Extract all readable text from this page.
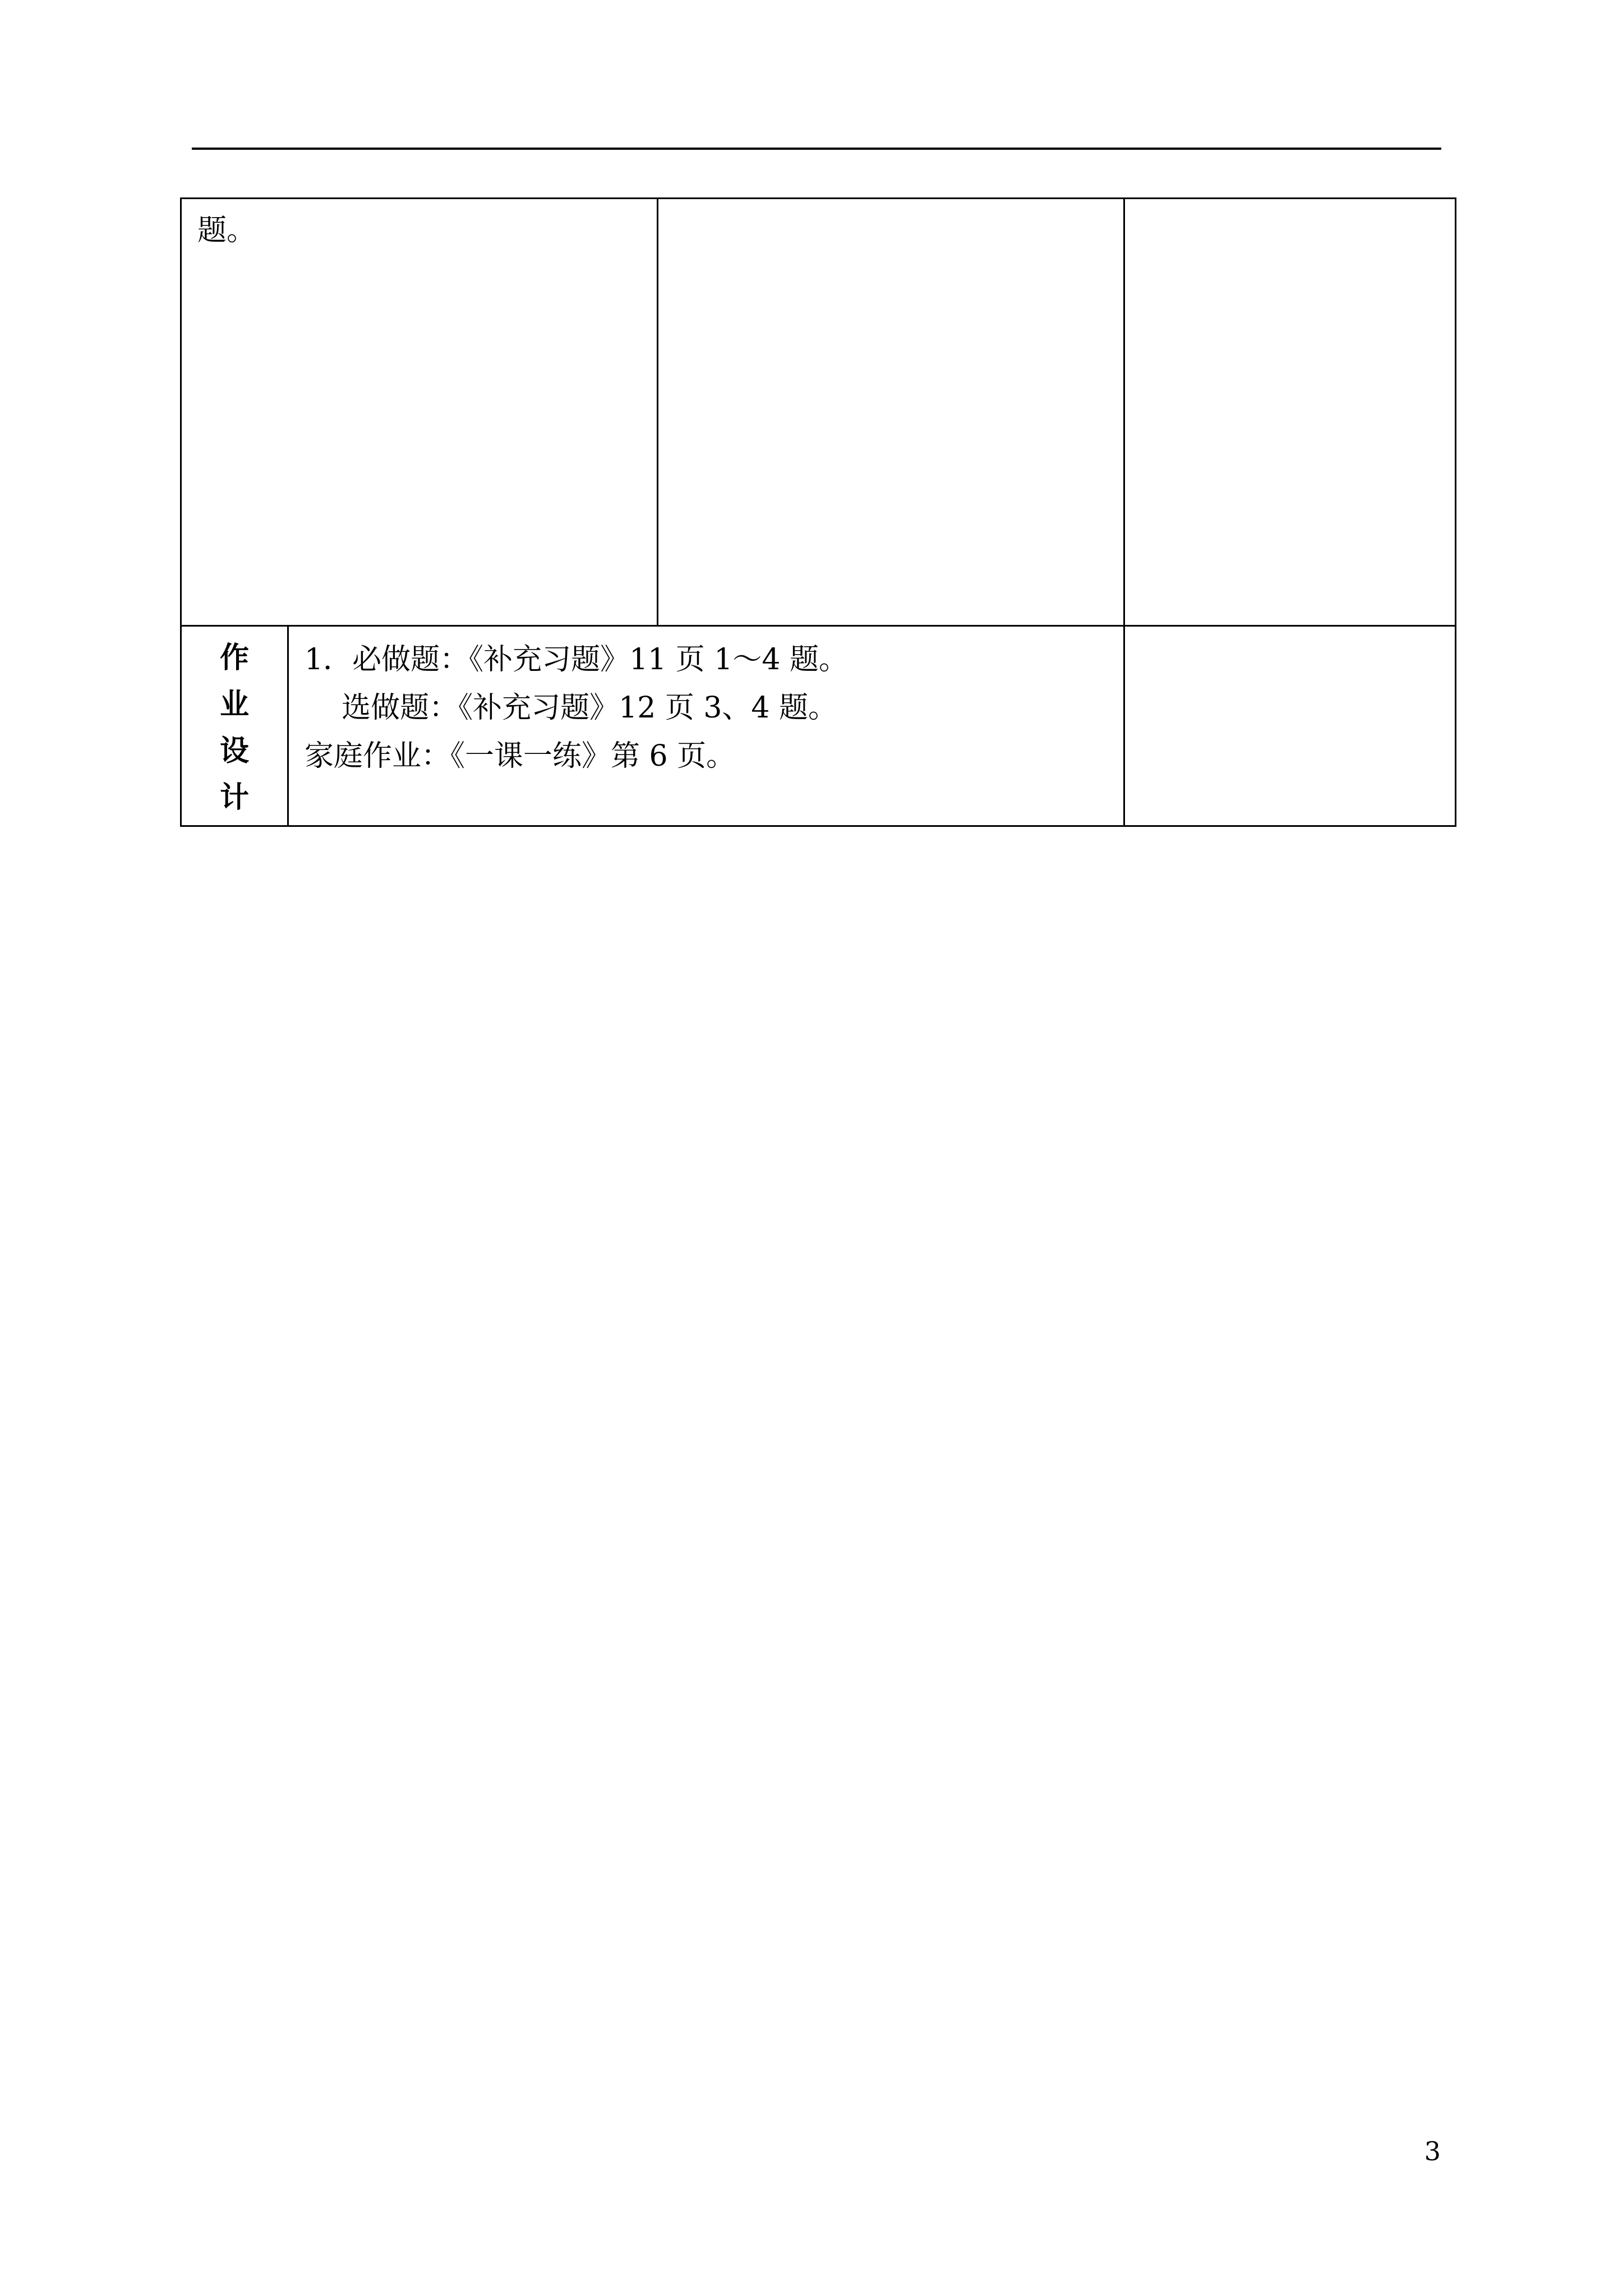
题。
作
业
设
计
1．必做题：《补充习题》11 页 1～4 题。
选做题：《补充习题》12 页 3、4 题。
家庭作业：《一课一练》第 6 页。
3
